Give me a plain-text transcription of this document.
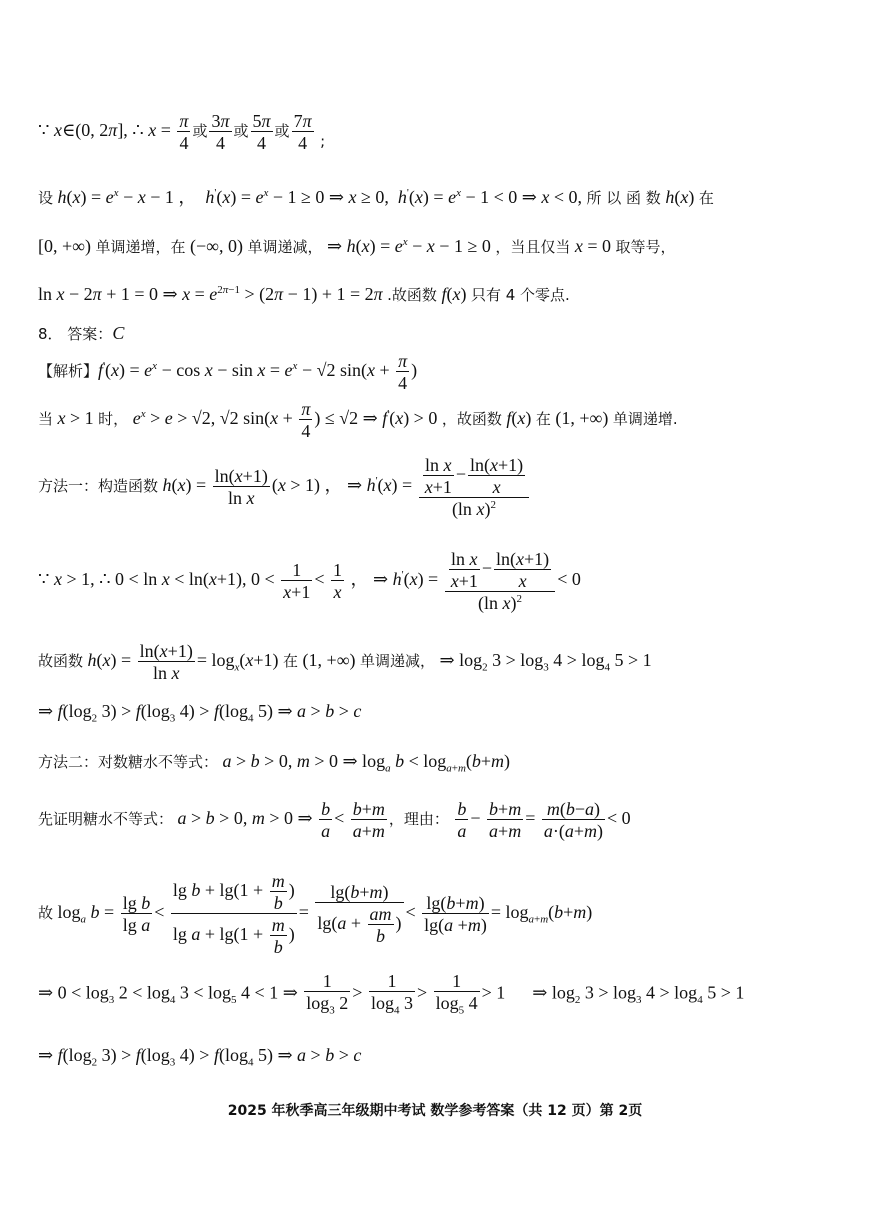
∵ x∈(0, 2π], ∴ $x = \frac{\pi}{4}$ 或 $\frac{3\pi}{4}$ 或 $\frac{5\pi}{4}$ 或 $\frac{7\pi}{4} _;$
设 $h(x) = e^x - x - 1$ ，  $h'(x) = e^x - 1 \ge 0$ ⇒ x ≥ 0,  $h'(x) = e^x - 1 < 0$ ⇒ x < 0, 所 以 函 数 h(x) 在
[0, +∞) 单调递增，在 (−∞, 0) 单调递减， ⇒ $h(x) = e^x - x - 1 \ge 0$ ，当且仅当 x = 0 取等号，
ln x − 2π + 1 = 0 ⇒ $x = e^{2\pi-1} > (2\pi - 1) + 1 = 2\pi$ .故函数 f(x) 只有 4 个零点.
8． 答案：C
【解析】$f'(x) = e^x - \cos x - \sin x = e^x - √2$ $\sin(x + \frac{\pi}{4}$ )
当 x > 1 时， $e^x > e > √2$, √2 $\sin(x + \frac{\pi}{4}$ ) ≤ √2 ⇒ f'(x) > 0 ，故函数 f(x) 在 (1, +∞) 单调递增.
方法一：构造函数 $h(x) = \frac{\ln(x+1)}{\text{ln x}} (x > 1)$ ， ⇒ $h'(x) = \frac{\frac{\text{ln x}}{x+1} - \frac{\ln(x+1)}{x}}{(\ln x)^2}$
∵ x > 1, ∴ 0 < ln x < ln(x+1), $0 < \frac{1}{x+1} < \frac{1}{x}$ ， ⇒ $h'(x) = \frac{\frac{\text{ln x}}{x+1} - \frac{\ln(x+1)}{x}}{(\ln x)^2} < 0$
故函数 $h(x) = \frac{\ln(x+1)}{\text{ln x}} = \log_x(x+1)$ 在 (1, +∞) 单调递减， ⇒ $\log_2 3 > \log_3 4 > \log_4 5 > 1$
⇒ $f(\log_2$ $3) > f(\log_3$ $4) > f(\log_4$ 5) ⇒ a > b > c
方法二：对数糖水不等式： a > b > 0, m > 0 ⇒ $\log_a b < \log_{a+m}(b+m)$
先证明糖水不等式： a > b > 0, m > 0 ⇒ $\frac{b}{a} < \frac{b+m}{a+m}$ ，理由： $\frac{b}{a} - \frac{b+m}{a+m} = \frac{m(b-a)}{a\cdot(a+m)} < 0$
故 $\log_a b = \frac{\text{lg b}}{\text{lg a}} < \frac{\lg b + \lg(1 + \frac{m}{b} )}{\lg a + \lg(1 + \frac{m}{b} )} = \frac{\lg(b+m)}{\lg(a + \frac{am}{b} )} < \frac{\lg(b+m)}{\lg(a +m)} = \log_{a+m}(b+m)$
⇒ $0 < \log_3 2 < \log_4 3 < \log_5 4 < 1$ ⇒ $\frac{1}{\log_3 2} > \frac{1}{\log_4 3} > \frac{1}{\log_5 4} > 1$      ⇒ $\log_2 3 > \log_3 4 > \log_4 5 > 1$
⇒ $f(\log_2$ $3) > f(\log_3$ $4) > f(\log_4$ 5) ⇒ a > b > c
2025 年秋季高三年级期中考试 数学参考答案（共 12 页）第 2页
